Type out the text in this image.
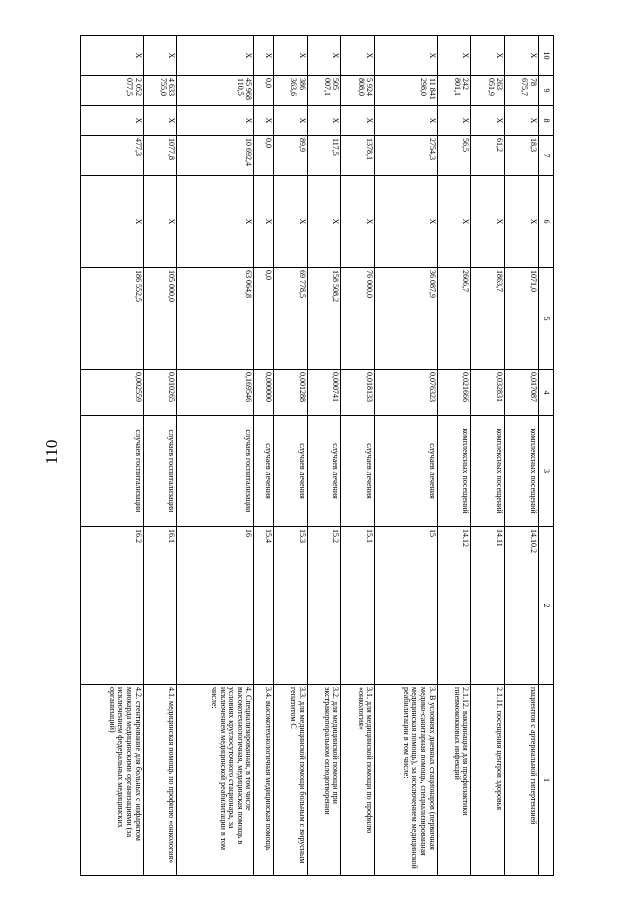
110
10	9	8	7	6	5	4	3	2	1
X	78 675,7	X	18,3	X	1071,0	0,017087	комплексных посещений	14.10.2	пациентов с артериальной гипертензией
X	263 051,9	X	61,2	X	1863,7	0,032831	комплексных посещений	14.11	2.1.11. посещения центров здоровья
X	242 801,1	X	56,5	X	2606,7	0,021666	комплексных посещений	14.12	2.1.12. вакцинация для профилактики пневмококковых инфекций
X	11 841 298,0	X	2754,3	X	36 087,9	0,076323	случаев лечения	15	3. В условиях дневных стационаров (первичная медико-санитарная помощь, специализированная медицинская помощь), за исключением медицинской реабилитации в том числе:
X	5 924 808,0	X	1378,1	X	76 000,0	0,018133	случаев лечения	15.1	3.1. для медицинской помощи по профилю «онкология»
X	505 007,1	X	117,5	X	158 508,2	0,000741	случаев лечения	15.2	3.2. для медицинской помощи при экстракорпоральном оплодотворении
X	386 363,6	X	89,9	X	69 778,5	0,001288	случаев лечения	15.3	3.3. для медицинской помощи больным с вирусным гепатитом С
X	0,0	X	0,0	X	0,0	0,000000	случаев лечения	15.4	3.4. высокотехнологичная медицинская помощь
X	45 968 110,5	X	10 692,4	X	63 064,8	0,169546	случаев госпитализации	16	4. Специализированная, в том числе высокотехнологичная, медицинская помощь в условиях круглосуточного стационара, за исключением медицинской реабилитации в том числе:
X	4 633 755,0	X	1077,8	X	105 000,0	0,010265	случаев госпитализации	16.1	4.1. медицинская помощь по профилю «онкология»
X	2 052 077,5	X	477,3	X	186 552,5	0,002559	случаев госпитализации	16.2	4.2. стентирование для больных с инфарктом миокарда медицинскими организациями (за исключением федеральных медицинских организаций)
